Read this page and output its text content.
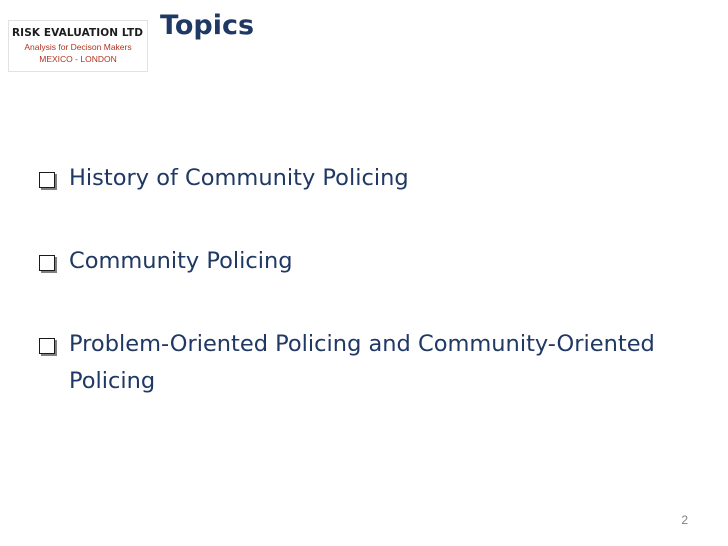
RISK EVALUATION LTD
Analysis for Decison Makers
MEXICO - LONDON
Topics
History of Community Policing
Community Policing
Problem-Oriented Policing and Community-Oriented Policing
2
